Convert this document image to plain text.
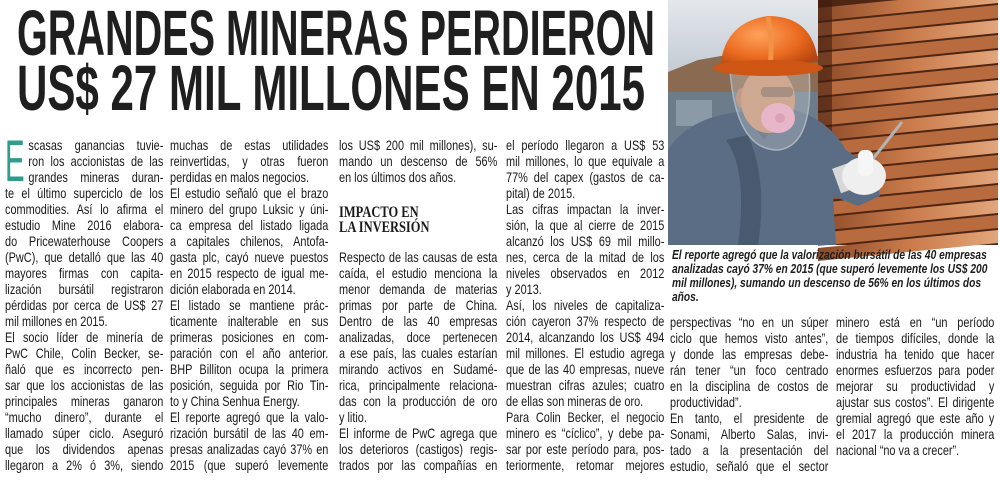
GRANDES MINERAS PERDIERON
US$ 27 MIL MILLONES EN 2015
E scasas ganancias tuvie-
ron los accionistas de las
grandes mineras duran-
te el último superciclo de los
commodities. Así lo afirma el
estudio Mine 2016 elabora-
do Pricewaterhouse Coopers
(PwC), que detalló que las 40
mayores firmas con capita-
lización bursátil registraron
pérdidas por cerca de US$ 27
mil millones en 2015.
El socio líder de minería de
PwC Chile, Colin Becker, se-
ñaló que es incorrecto pen-
sar que los accionistas de las
principales mineras ganaron
“mucho dinero”, durante el
llamado súper ciclo. Aseguró
que los dividendos apenas
llegaron a 2% ó 3%, siendo
muchas de estas utilidades
reinvertidas, y otras fueron
perdidas en malos negocios.
El estudio señaló que el brazo
minero del grupo Luksic y úni-
ca empresa del listado ligada
a capitales chilenos, Antofa-
gasta plc, cayó nueve puestos
en 2015 respecto de igual me-
dición elaborada en 2014.
El listado se mantiene prác-
ticamente inalterable en sus
primeras posiciones en com-
paración con el año anterior.
BHP Billiton ocupa la primera
posición, seguida por Rio Tin-
to y China Senhua Energy.
El reporte agregó que la valo-
rización bursátil de las 40 em-
presas analizadas cayó 37% en
2015 (que superó levemente
los US$ 200 mil millones), su-
mando un descenso de 56%
en los últimos dos años.
IMPACTO EN
LA INVERSIÓN
Respecto de las causas de esta
caída, el estudio menciona la
menor demanda de materias
primas por parte de China.
Dentro de las 40 empresas
analizadas, doce pertenecen
a ese país, las cuales estarían
mirando activos en Sudamé-
rica, principalmente relaciona-
das con la producción de oro
y litio.
El informe de PwC agrega que
los deterioros (castigos) regis-
trados por las compañías en
el período llegaron a US$ 53
mil millones, lo que equivale a
77% del capex (gastos de ca-
pital) de 2015.
Las cifras impactan la inver-
sión, la que al cierre de 2015
alcanzó los US$ 69 mil millo-
nes, cerca de la mitad de los
niveles observados en 2012
y 2013.
Así, los niveles de capitaliza-
ción cayeron 37% respecto de
2014, alcanzando los US$ 494
mil millones. El estudio agrega
que de las 40 empresas, nueve
muestran cifras azules; cuatro
de ellas son mineras de oro.
Para Colin Becker, el negocio
minero es “cíclico”, y debe pa-
sar por este período para, pos-
teriormente, retomar mejores
perspectivas “no en un súper
ciclo que hemos visto antes”,
y donde las empresas debe-
rán tener “un foco centrado
en la disciplina de costos de
productividad”.
En tanto, el presidente de
Sonami, Alberto Salas, invi-
tado a la presentación del
estudio, señaló que el sector
minero está en “un período
de tiempos difíciles, donde la
industria ha tenido que hacer
enormes esfuerzos para poder
mejorar su productividad y
ajustar sus costos”. El dirigente
gremial agregó que este año y
el 2017 la producción minera
nacional “no va a crecer”.
El reporte agregó que la valorización bursátil de las 40 empresas
analizadas cayó 37% en 2015 (que superó levemente los US$ 200
mil millones), sumando un descenso de 56% en los últimos dos
años.
